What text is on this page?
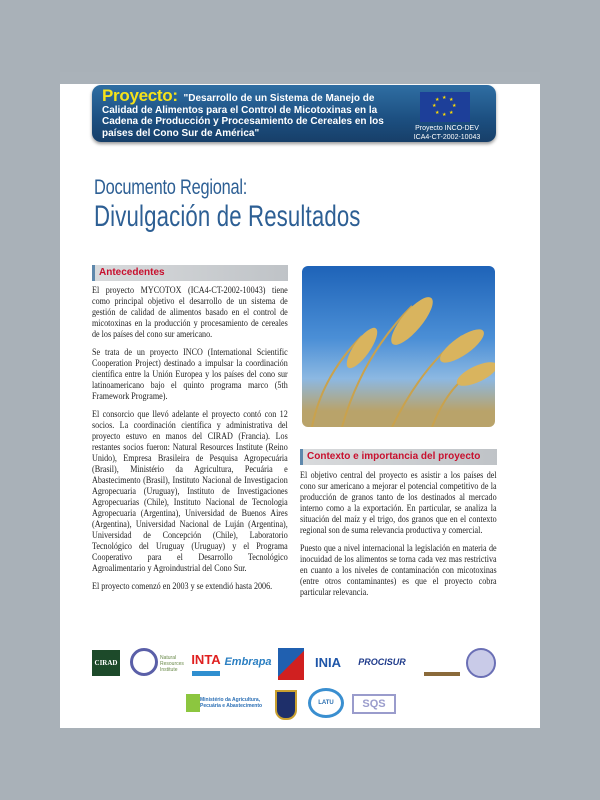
Proyecto: "Desarrollo de un Sistema de Manejo de Calidad de Alimentos para el Control de Micotoxinas en la Cadena de Producción y Procesamiento de Cereales en los países del Cono Sur de América"
★ ★
★
★
★
★
★
★
Proyecto INCO-DEV
ICA4-CT-2002-10043
Documento Regional:
Divulgación de Resultados
Antecedentes

El proyecto MYCOTOX (ICA4-CT-2002-10043) tiene como principal objetivo el desarrollo de un sistema de gestión de calidad de alimentos basado en el control de micotoxinas en la producción y procesamiento de cereales de los países del cono sur americano.

Se trata de un proyecto INCO (International Scientific Cooperation Project) destinado a impulsar la coordinación científica entre la Unión Europea y los países del cono sur latinoamericano bajo el quinto programa marco (5th Framework Programe).

El consorcio que llevó adelante el proyecto contó con 12 socios. La coordinación científica y administrativa del proyecto estuvo en manos del CIRAD (Francia). Los restantes socios fueron: Natural Resources Institute (Reino Unido), Empresa Brasileira de Pesquisa Agropecuária (Brasil), Ministério da Agricultura, Pecuária e Abastecimento (Brasil), Instituto Nacional de Investigacion Agropecuaria (Uruguay), Instituto de Investigaciones Agropecuarias (Chile), Instituto Nacional de Tecnologia Agropecuaria (Argentina), Universidad de Buenos Aires (Argentina), Universidad Nacional de Luján (Argentina), Universidad de Concepción (Chile), Laboratorio Tecnológico del Uruguay (Uruguay) y el Programa Cooperativo para el Desarrollo Tecnológico Agroalimentario y Agroindustrial del Cono Sur.

El proyecto comenzó en 2003 y se extendió hasta 2006.

Contexto e importancia del proyecto

El objetivo central del proyecto es asistir a los países del cono sur americano a mejorar el potencial competitivo de la producción de granos tanto de los destinados al mercado interno como a la exportación. En particular, se analiza la situación del maíz y el trigo, dos granos que en el contexto regional son de suma relevancia productiva y comercial.

Puesto que a nivel internacional la legislación en materia de inocuidad de los alimentos se torna cada vez mas restrictiva en cuanto a los niveles de contaminación con micotoxinas (entre otros contaminantes) es que el proyecto cobra particular relevancia.

CIRAD
Natural Resources Institute
INTA Embrapa	INIA	PROCISUR
Ministério da Agricultura, Pecuária e Abastecimento	LATU	SQS
